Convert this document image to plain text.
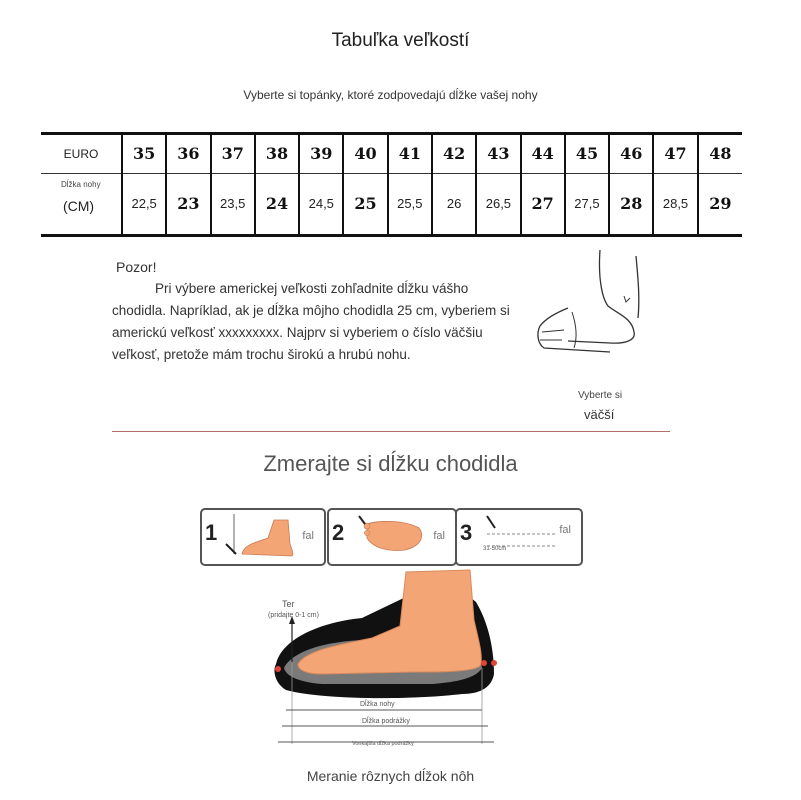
Tabuľka veľkostí
Vyberte si topánky, ktoré zodpovedajú dĺžke vašej nohy
EURO	35	36	37	38	39	40	41	42	43	44	45	46	47	48

Dĺžka nohy
(CM)	22,5	23	23,5	24	24,5	25	25,5	26	26,5	27	27,5	28	28,5	29
Pozor!
Pri výbere americkej veľkosti zohľadnite dĺžku vášho chodidla. Napríklad, ak je dĺžka môjho chodidla 25 cm, vyberiem si americkú veľkosť xxxxxxxxx. Najprv si vyberiem o číslo väčšiu veľkosť, pretože mám trochu širokú a hrubú nohu.
Vyberte si
väčší
Zmerajte si dĺžku chodidla
1	fal 2	fal 3
31-50cm
fal
Ter
(pridajte 0-1 cm)
Dĺžka nohy
Dĺžka podrážky
Vonkajšia dĺžka podrážky
Meranie rôznych dĺžok nôh
